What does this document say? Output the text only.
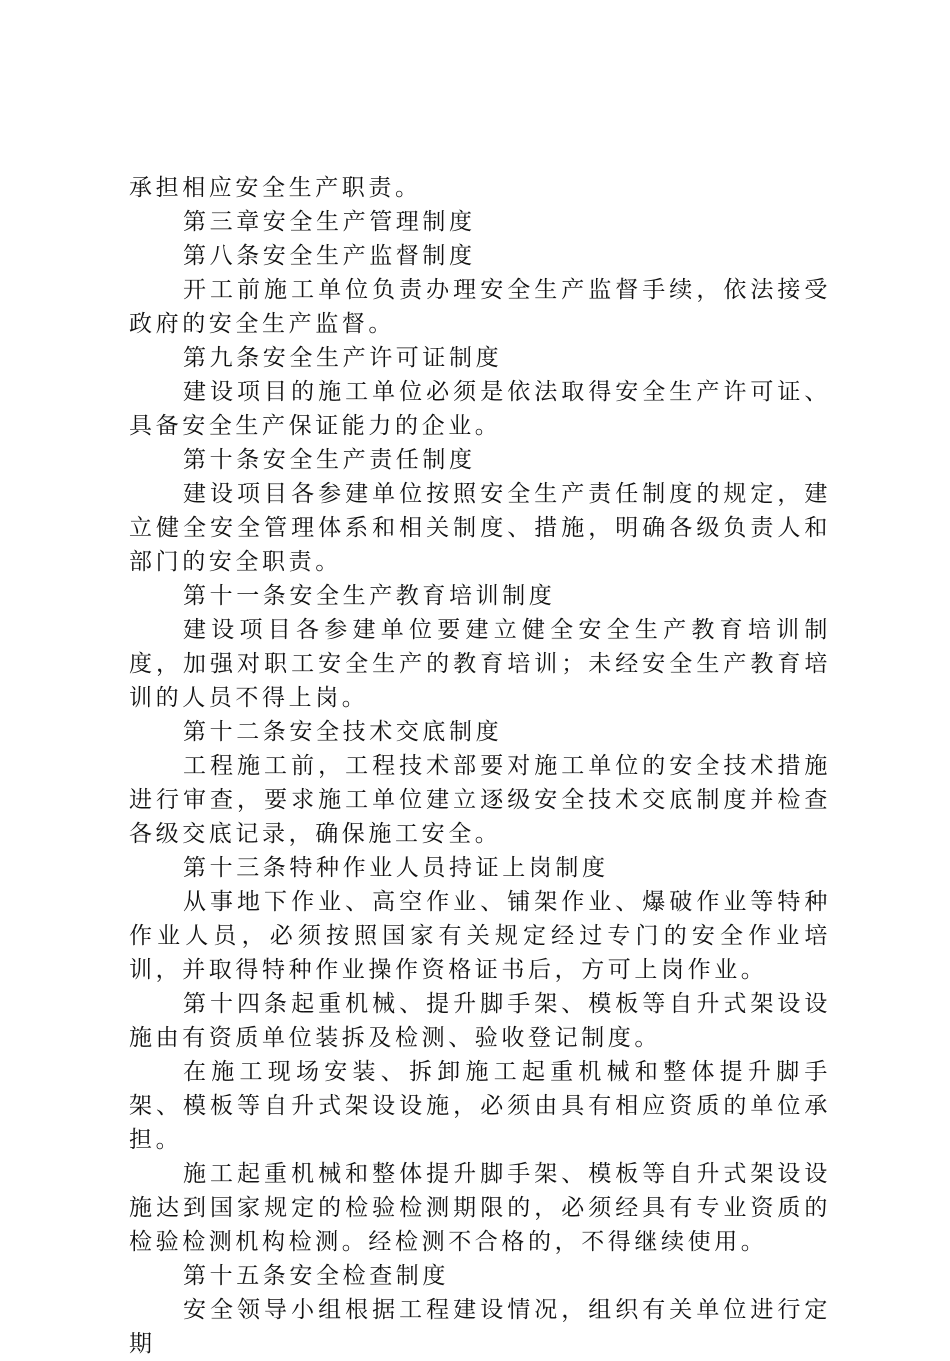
承担相应安全生产职责。

第三章安全生产管理制度

第八条安全生产监督制度

开工前施工单位负责办理安全生产监督手续，依法接受政府的安全生产监督。

第九条安全生产许可证制度

建设项目的施工单位必须是依法取得安全生产许可证、具备安全生产保证能力的企业。

第十条安全生产责任制度

建设项目各参建单位按照安全生产责任制度的规定，建立健全安全管理体系和相关制度、措施，明确各级负责人和部门的安全职责。

第十一条安全生产教育培训制度

建设项目各参建单位要建立健全安全生产教育培训制度，加强对职工安全生产的教育培训；未经安全生产教育培训的人员不得上岗。

第十二条安全技术交底制度

工程施工前，工程技术部要对施工单位的安全技术措施进行审查，要求施工单位建立逐级安全技术交底制度并检查各级交底记录，确保施工安全。

第十三条特种作业人员持证上岗制度

从事地下作业、高空作业、铺架作业、爆破作业等特种作业人员，必须按照国家有关规定经过专门的安全作业培训，并取得特种作业操作资格证书后，方可上岗作业。

第十四条起重机械、提升脚手架、模板等自升式架设设施由有资质单位装拆及检测、验收登记制度。

在施工现场安装、拆卸施工起重机械和整体提升脚手架、模板等自升式架设设施，必须由具有相应资质的单位承担。

施工起重机械和整体提升脚手架、模板等自升式架设设施达到国家规定的检验检测期限的，必须经具有专业资质的检验检测机构检测。经检测不合格的，不得继续使用。

第十五条安全检查制度

安全领导小组根据工程建设情况，组织有关单位进行定期
